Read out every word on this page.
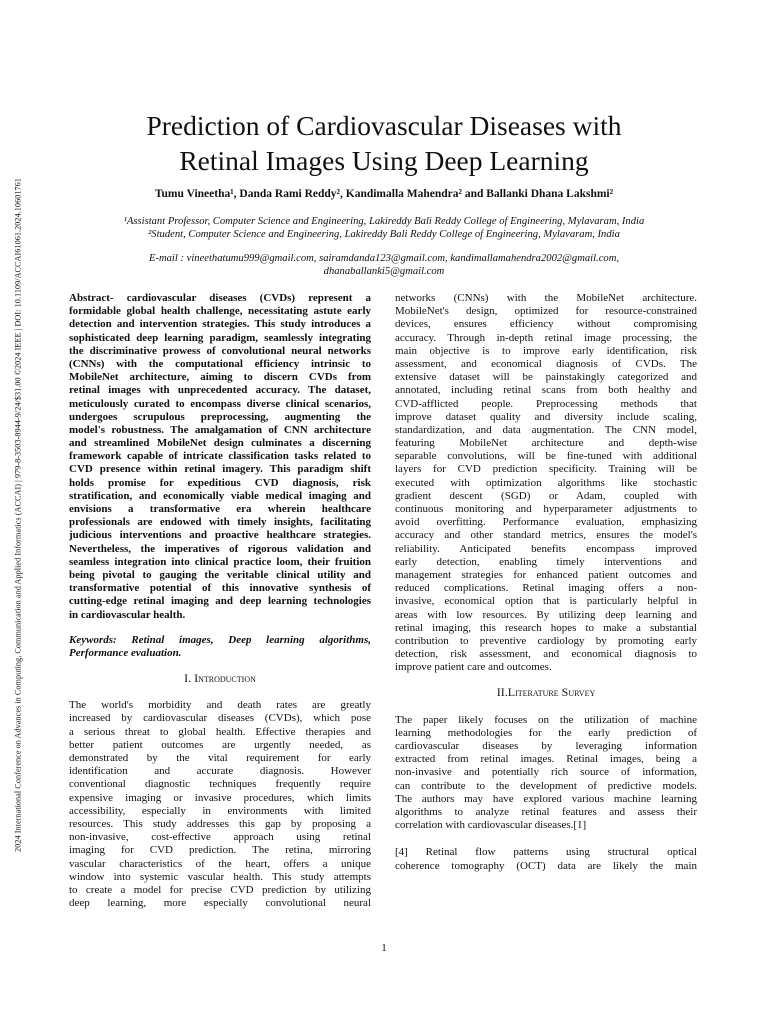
2024 International Conference on Advances in Computing, Communication and Applied Informatics (ACCAI) | 979-8-3503-8944-9/24/$31.00 ©2024 IEEE | DOI: 10.1109/ACCAI61061.2024.10601761
Prediction of Cardiovascular Diseases with
Retinal Images Using Deep Learning
Tumu Vineetha¹, Danda Rami Reddy², Kandimalla Mahendra² and Ballanki Dhana Lakshmi²
¹Assistant Professor, Computer Science and Engineering, Lakireddy Bali Reddy College of Engineering, Mylavaram, India
²Student, Computer Science and Engineering, Lakireddy Bali Reddy College of Engineering, Mylavaram, India
E-mail : vineethatumu999@gmail.com, sairamdanda123@gmail.com, kandimallamahendra2002@gmail.com,
dhanaballanki5@gmail.com

Abstract- cardiovascular diseases (CVDs) represent a
formidable global health challenge, necessitating astute early
detection and intervention strategies. This study introduces a
sophisticated deep learning paradigm, seamlessly integrating
the discriminative prowess of convolutional neural networks
(CNNs) with the computational efficiency intrinsic to
MobileNet architecture, aiming to discern CVDs from
retinal images with unprecedented accuracy. The dataset,
meticulously curated to encompass diverse clinical scenarios,
undergoes scrupulous preprocessing, augmenting the
model's robustness. The amalgamation of CNN architecture
and streamlined MobileNet design culminates a discerning
framework capable of intricate classification tasks related to
CVD presence within retinal imagery. This paradigm shift
holds promise for expeditious CVD diagnosis, risk
stratification, and economically viable medical imaging and
envisions a transformative era wherein healthcare
professionals are endowed with timely insights, facilitating
judicious interventions and proactive healthcare strategies.
Nevertheless, the imperatives of rigorous validation and
seamless integration into clinical practice loom, their fruition
being pivotal to gauging the veritable clinical utility and
transformative potential of this innovative synthesis of
cutting-edge retinal imaging and deep learning technologies
in cardiovascular health.

Keywords: Retinal images, Deep learning algorithms,
Performance evaluation.

I. Introduction

The world's morbidity and death rates are greatly
increased by cardiovascular diseases (CVDs), which pose
a serious threat to global health. Effective therapies and
better patient outcomes are urgently needed, as
demonstrated by the vital requirement for early
identification and accurate diagnosis. However
conventional diagnostic techniques frequently require
expensive imaging or invasive procedures, which limits
accessibility, especially in environments with limited
resources. This study addresses this gap by proposing a
non-invasive, cost-effective approach using retinal
imaging for CVD prediction. The retina, mirroring
vascular characteristics of the heart, offers a unique
window into systemic vascular health. This study attempts
to create a model for precise CVD prediction by utilizing
deep learning, more especially convolutional neural

networks (CNNs) with the MobileNet architecture.
MobileNet's design, optimized for resource-constrained
devices, ensures efficiency without compromising
accuracy. Through in-depth retinal image processing, the
main objective is to improve early identification, risk
assessment, and economical diagnosis of CVDs. The
extensive dataset will be painstakingly categorized and
annotated, including retinal scans from both healthy and
CVD-afflicted people. Preprocessing methods that
improve dataset quality and diversity include scaling,
standardization, and data augmentation. The CNN model,
featuring MobileNet architecture and depth-wise
separable convolutions, will be fine-tuned with additional
layers for CVD prediction specificity. Training will be
executed with optimization algorithms like stochastic
gradient descent (SGD) or Adam, coupled with
continuous monitoring and hyperparameter adjustments to
avoid overfitting. Performance evaluation, emphasizing
accuracy and other standard metrics, ensures the model's
reliability. Anticipated benefits encompass improved
early detection, enabling timely interventions and
management strategies for enhanced patient outcomes and
reduced complications. Retinal imaging offers a non-
invasive, economical option that is particularly helpful in
areas with low resources. By utilizing deep learning and
retinal imaging, this research hopes to make a substantial
contribution to preventive cardiology by promoting early
detection, risk assessment, and economical diagnosis to
improve patient care and outcomes.

II.Literature Survey

The paper likely focuses on the utilization of machine
learning methodologies for the early prediction of
cardiovascular diseases by leveraging information
extracted from retinal images. Retinal images, being a
non-invasive and potentially rich source of information,
can contribute to the development of predictive models.
The authors may have explored various machine learning
algorithms to analyze retinal features and assess their
correlation with cardiovascular diseases.[1]

[4] Retinal flow patterns using structural optical
coherence tomography (OCT) data are likely the main

1
